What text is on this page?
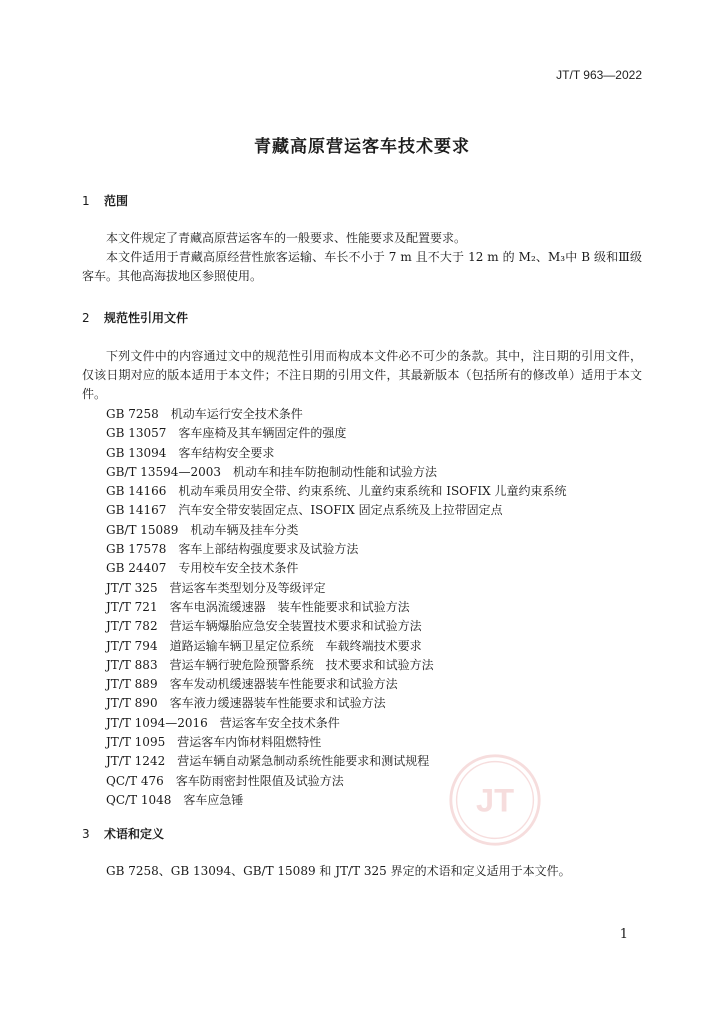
JT/T 963—2022
青藏高原营运客车技术要求
1 范围
本文件规定了青藏高原营运客车的一般要求、性能要求及配置要求。
本文件适用于青藏高原经营性旅客运输、车长不小于 7 m 且不大于 12 m 的 M₂、M₃中 B 级和Ⅲ级客车。其他高海拔地区参照使用。
2 规范性引用文件
下列文件中的内容通过文中的规范性引用而构成本文件必不可少的条款。其中，注日期的引用文件，仅该日期对应的版本适用于本文件；不注日期的引用文件，其最新版本（包括所有的修改单）适用于本文件。
GB 7258 机动车运行安全技术条件
GB 13057 客车座椅及其车辆固定件的强度
GB 13094 客车结构安全要求
GB/T 13594—2003 机动车和挂车防抱制动性能和试验方法
GB 14166 机动车乘员用安全带、约束系统、儿童约束系统和 ISOFIX 儿童约束系统
GB 14167 汽车安全带安装固定点、ISOFIX 固定点系统及上拉带固定点
GB/T 15089 机动车辆及挂车分类
GB 17578 客车上部结构强度要求及试验方法
GB 24407 专用校车安全技术条件
JT/T 325 营运客车类型划分及等级评定
JT/T 721 客车电涡流缓速器　装车性能要求和试验方法
JT/T 782 营运车辆爆胎应急安全装置技术要求和试验方法
JT/T 794 道路运输车辆卫星定位系统　车载终端技术要求
JT/T 883 营运车辆行驶危险预警系统　技术要求和试验方法
JT/T 889 客车发动机缓速器装车性能要求和试验方法
JT/T 890 客车液力缓速器装车性能要求和试验方法
JT/T 1094—2016 营运客车安全技术条件
JT/T 1095 营运客车内饰材料阻燃特性
JT/T 1242 营运车辆自动紧急制动系统性能要求和测试规程
QC/T 476 客车防雨密封性限值及试验方法
QC/T 1048 客车应急锤	JT
3 术语和定义
GB 7258、GB 13094、GB/T 15089 和 JT/T 325 界定的术语和定义适用于本文件。
1
